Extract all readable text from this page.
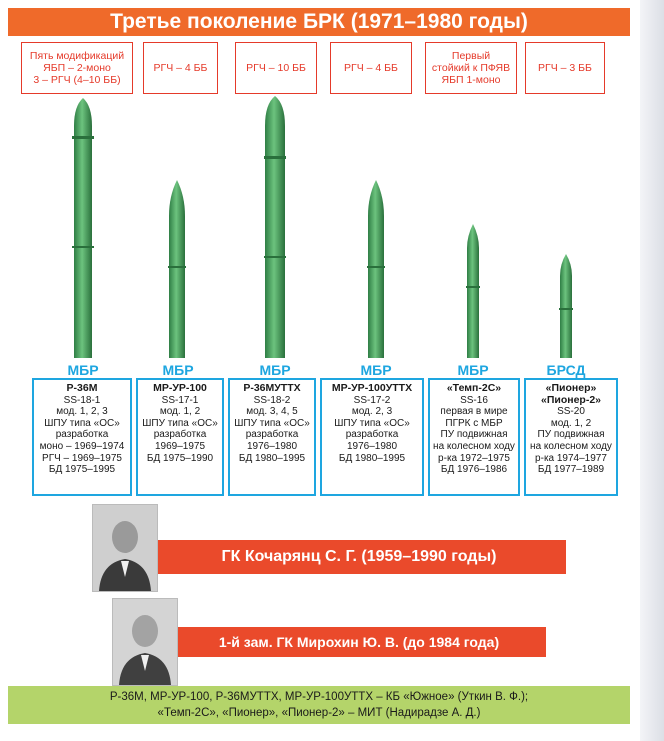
Третье поколение БРК (1971–1980 годы)
Пять модификаций
ЯБП – 2-моно
3 – РГЧ (4–10 ББ)
РГЧ – 4 ББ	РГЧ – 10 ББ	РГЧ – 4 ББ
Первый
стойкий к ПФЯВ
ЯБП 1-моно
РГЧ – 3 ББ
МБР	МБР	МБР	МБР	МБР	БРСД
Р-36М
SS-18-1
мод. 1, 2, 3
ШПУ типа «ОС»
разработка
моно – 1969–1974
РГЧ – 1969–1975
БД 1975–1995
МР-УР-100
SS-17-1
мод. 1, 2
ШПУ типа «ОС»
разработка
1969–1975
БД 1975–1990
Р-36МУТТХ
SS-18-2
мод. 3, 4, 5
ШПУ типа «ОС»
разработка
1976–1980
БД 1980–1995
МР-УР-100УТТХ
SS-17-2
мод. 2, 3
ШПУ типа «ОС»
разработка
1976–1980
БД 1980–1995
«Темп-2С»
SS-16
первая в мире
ПГРК с МБР
ПУ подвижная
на колесном ходу
р-ка 1972–1975
БД 1976–1986
«Пионер»
«Пионер-2»
SS-20
мод. 1, 2
ПУ подвижная
на колесном ходу
р-ка 1974–1977
БД 1977–1989
ГК Кочарянц С. Г. (1959–1990 годы)
1-й зам. ГК Мирохин Ю. В. (до 1984 года)
Р-36М, МР-УР-100, Р-36МУТТХ, МР-УР-100УТТХ – КБ «Южное» (Уткин В. Ф.);
«Темп-2С», «Пионер», «Пионер-2» – МИТ (Надирадзе А. Д.)
